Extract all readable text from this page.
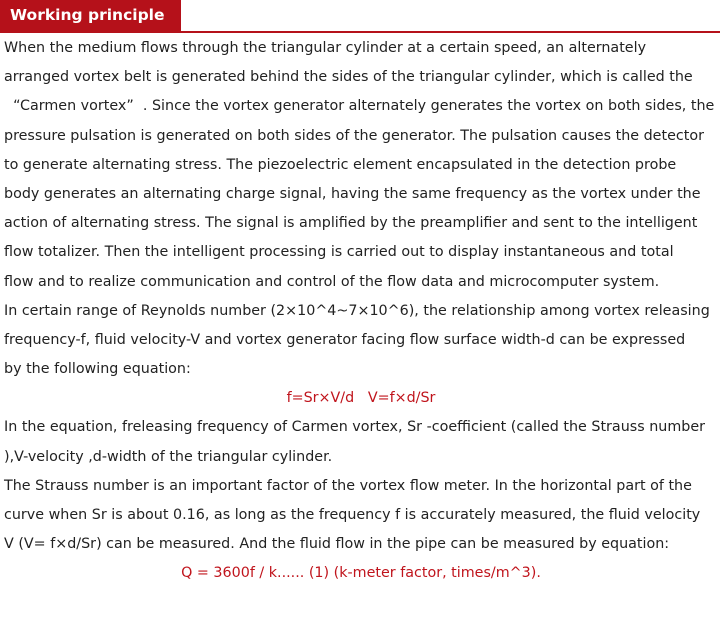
Working principle
When the medium flows through the triangular cylinder at a certain speed, an alternately
arranged vortex belt is generated behind the sides of the triangular cylinder, which is called the
“Carmen vortex”  . Since the vortex generator alternately generates the vortex on both sides, the
pressure pulsation is generated on both sides of the generator. The pulsation causes the detector
to generate alternating stress. The piezoelectric element encapsulated in the detection probe
body generates an alternating charge signal, having the same frequency as the vortex under the
action of alternating stress. The signal is amplified by the preamplifier and sent to the intelligent
flow totalizer. Then the intelligent processing is carried out to display instantaneous and total
flow and to realize communication and control of the flow data and microcomputer system.
In certain range of Reynolds number (2×10^4~7×10^6), the relationship among vortex releasing
frequency-f, fluid velocity-V and vortex generator facing flow surface width-d can be expressed
by the following equation:
f=Sr×V/d   V=f×d/Sr
In the equation, freleasing frequency of Carmen vortex, Sr -coefficient (called the Strauss number
),V-velocity ,d-width of the triangular cylinder.
The Strauss number is an important factor of the vortex flow meter. In the horizontal part of the
curve when Sr is about 0.16, as long as the frequency f is accurately measured, the fluid velocity
V (V= f×d/Sr) can be measured. And the fluid flow in the pipe can be measured by equation:
Q = 3600f / k...... (1) (k-meter factor, times/m^3).
